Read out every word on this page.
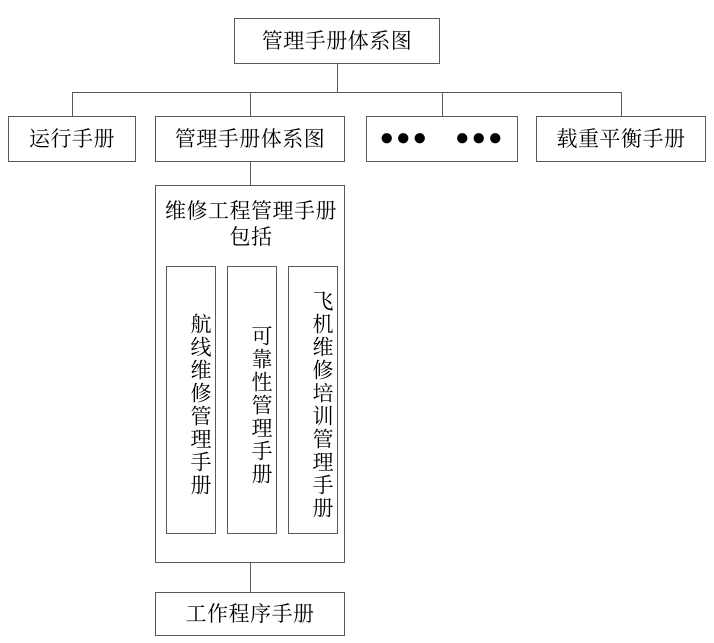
管理手册体系图
运行手册	管理手册体系图	●●●　●●●	载重平衡手册
维修工程管理手册包括
航线维修管理手册	可靠性管理手册	飞机维修培训管理手册
工作程序手册
